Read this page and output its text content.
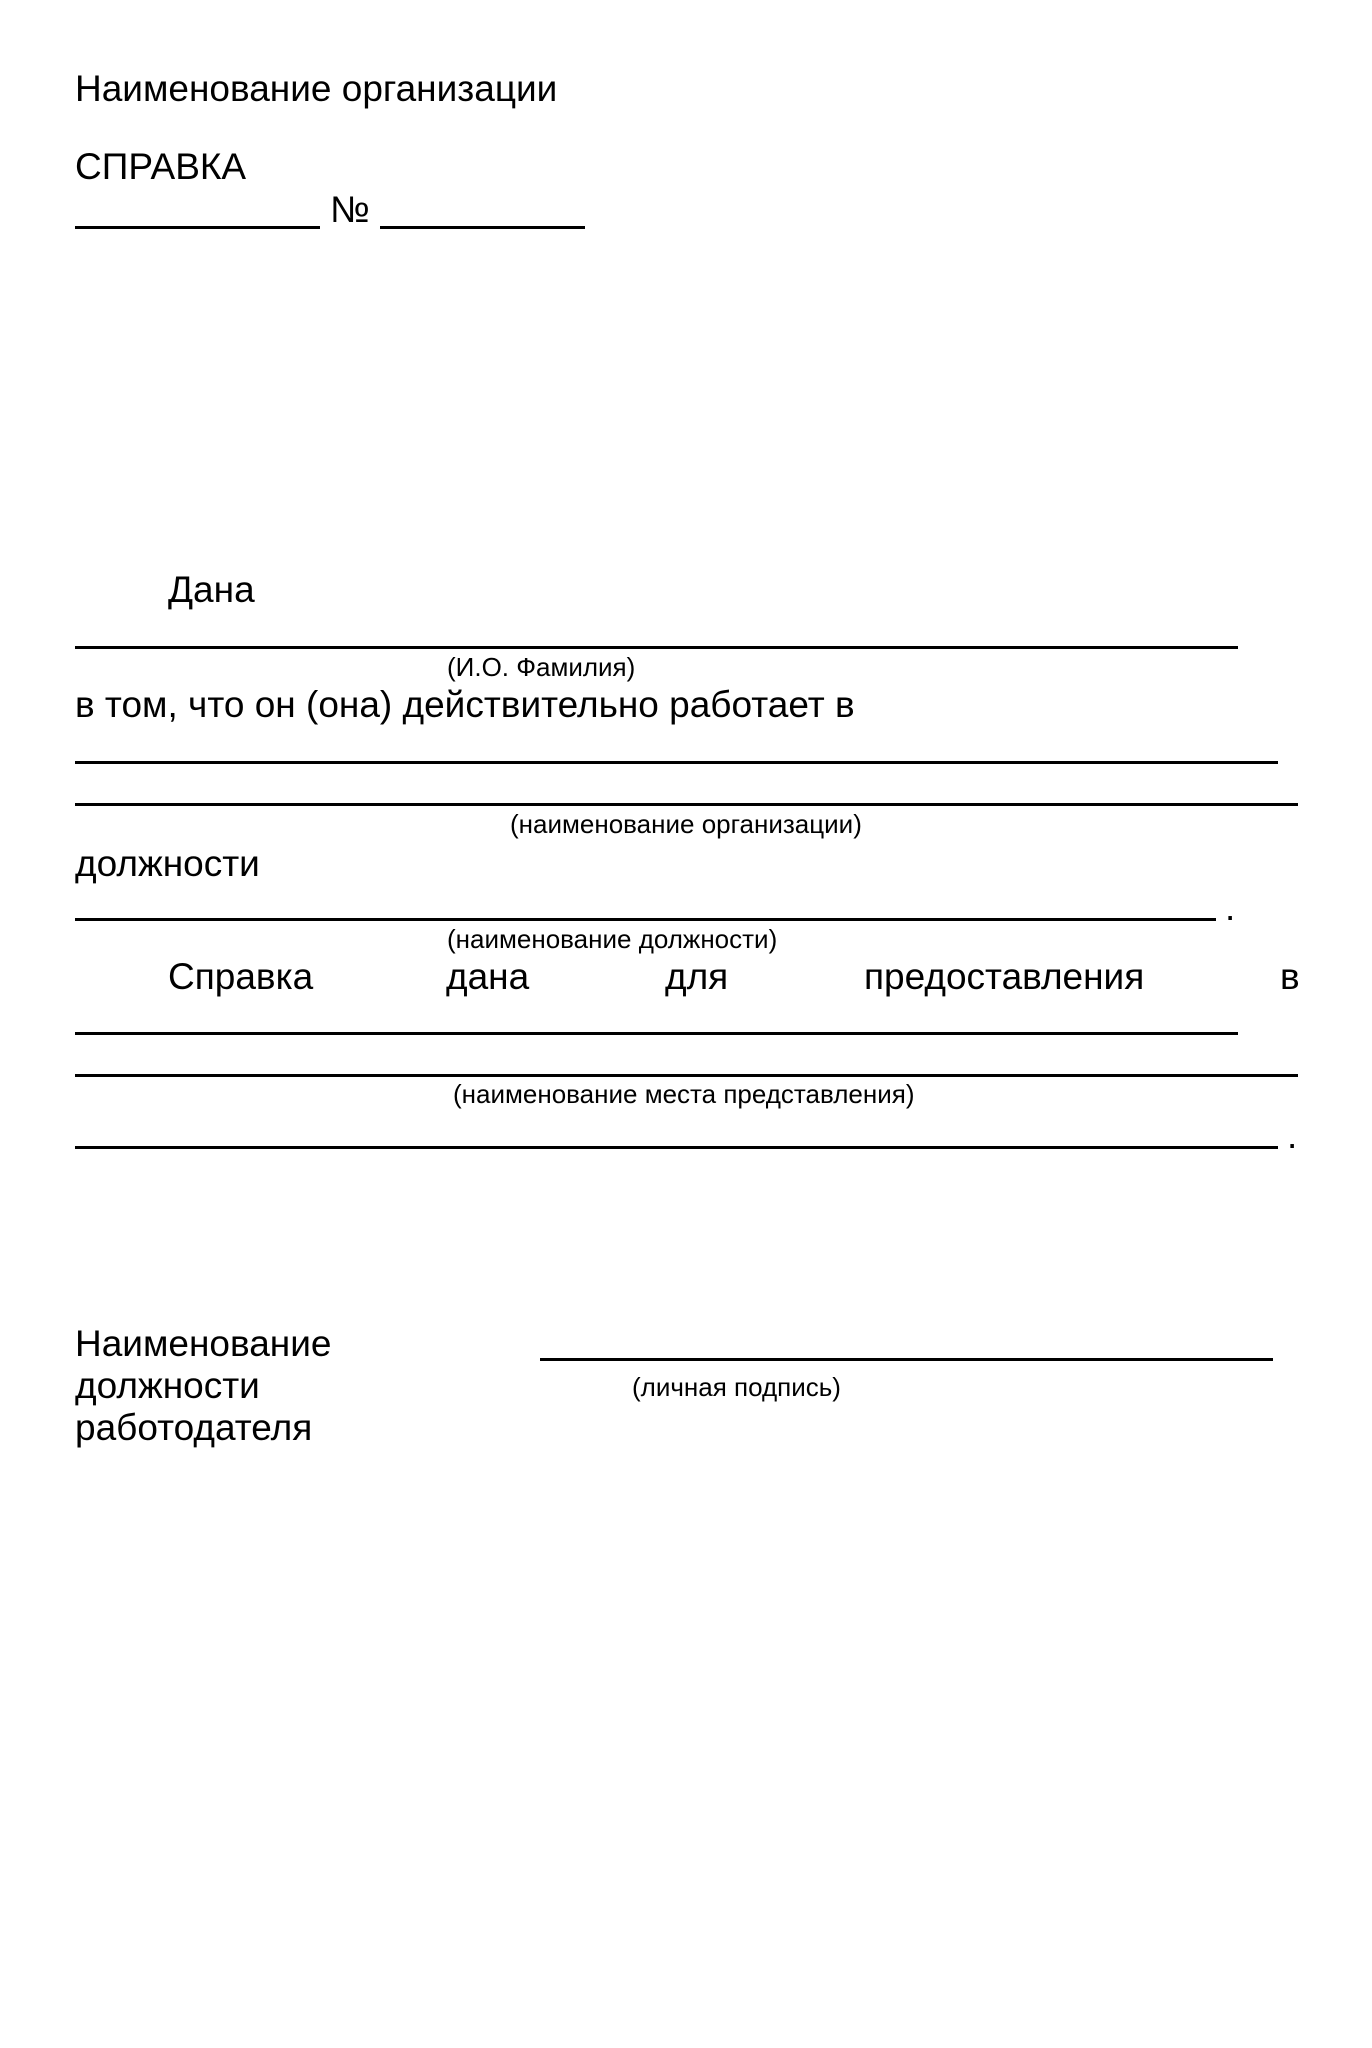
Наименование организации
СПРАВКА
№
Дана
(И.О. Фамилия)
в том, что он (она) действительно работает в
(наименование организации)
должности
.
(наименование должности)
Справка	дана	для	предоставления	в
(наименование места представления)
.
Наименование
должности
работодателя
(личная подпись)
